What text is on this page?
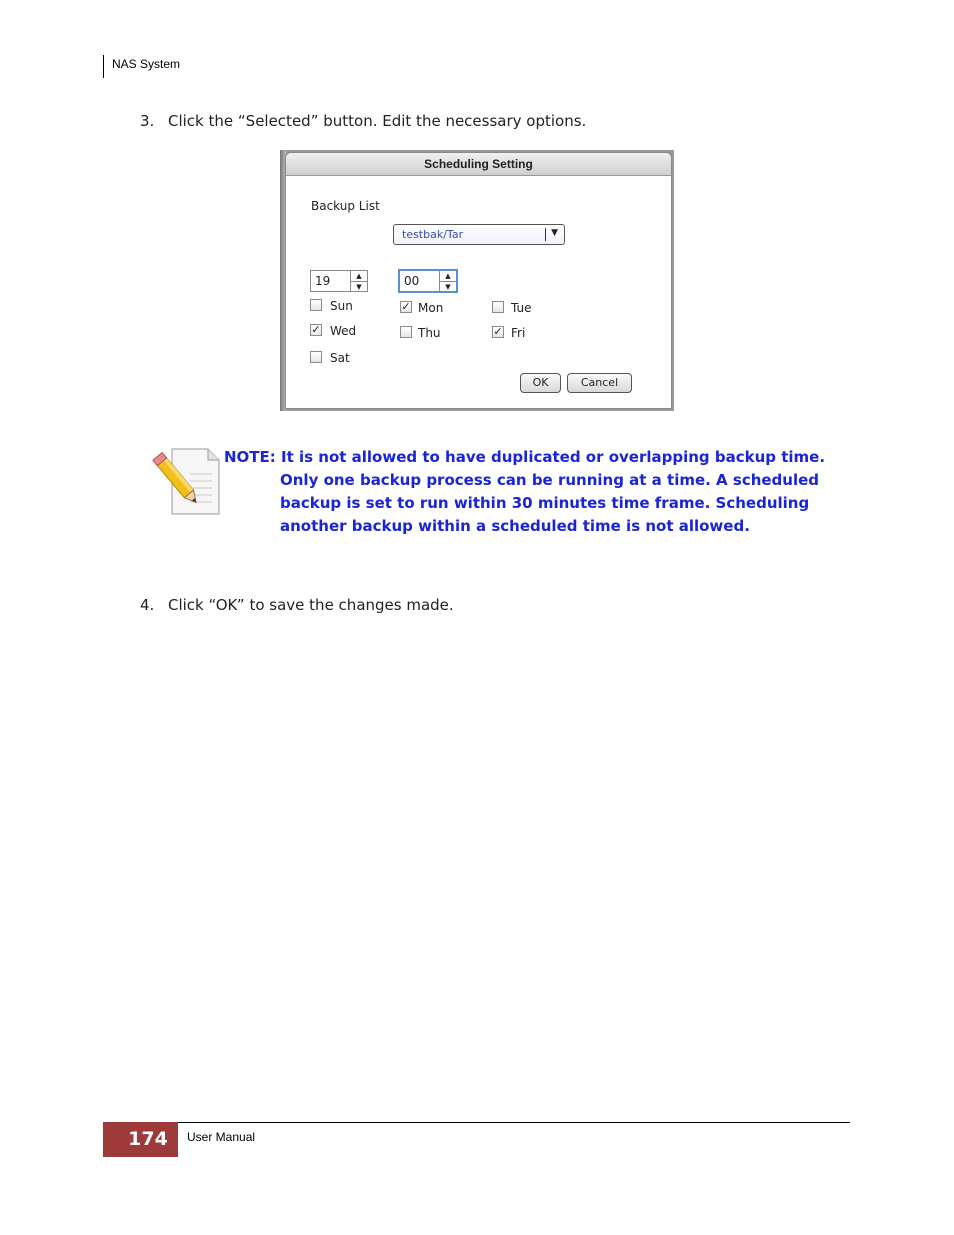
NAS System
3. Click the “Selected” button. Edit the necessary options.
Scheduling Setting
Backup List
testbak/Tar	▼
19	▲
▼	00	▲
▼
Sun	✓ Mon	Tue
✓ Wed	Thu	✓ Fri
Sat
OK	Cancel
NOTE: It is not allowed to have duplicated or overlapping backup time.
Only one backup process can be running at a time. A scheduled
backup is set to run within 30 minutes time frame. Scheduling
another backup within a scheduled time is not allowed.
4. Click “OK” to save the changes made.
174	User Manual
